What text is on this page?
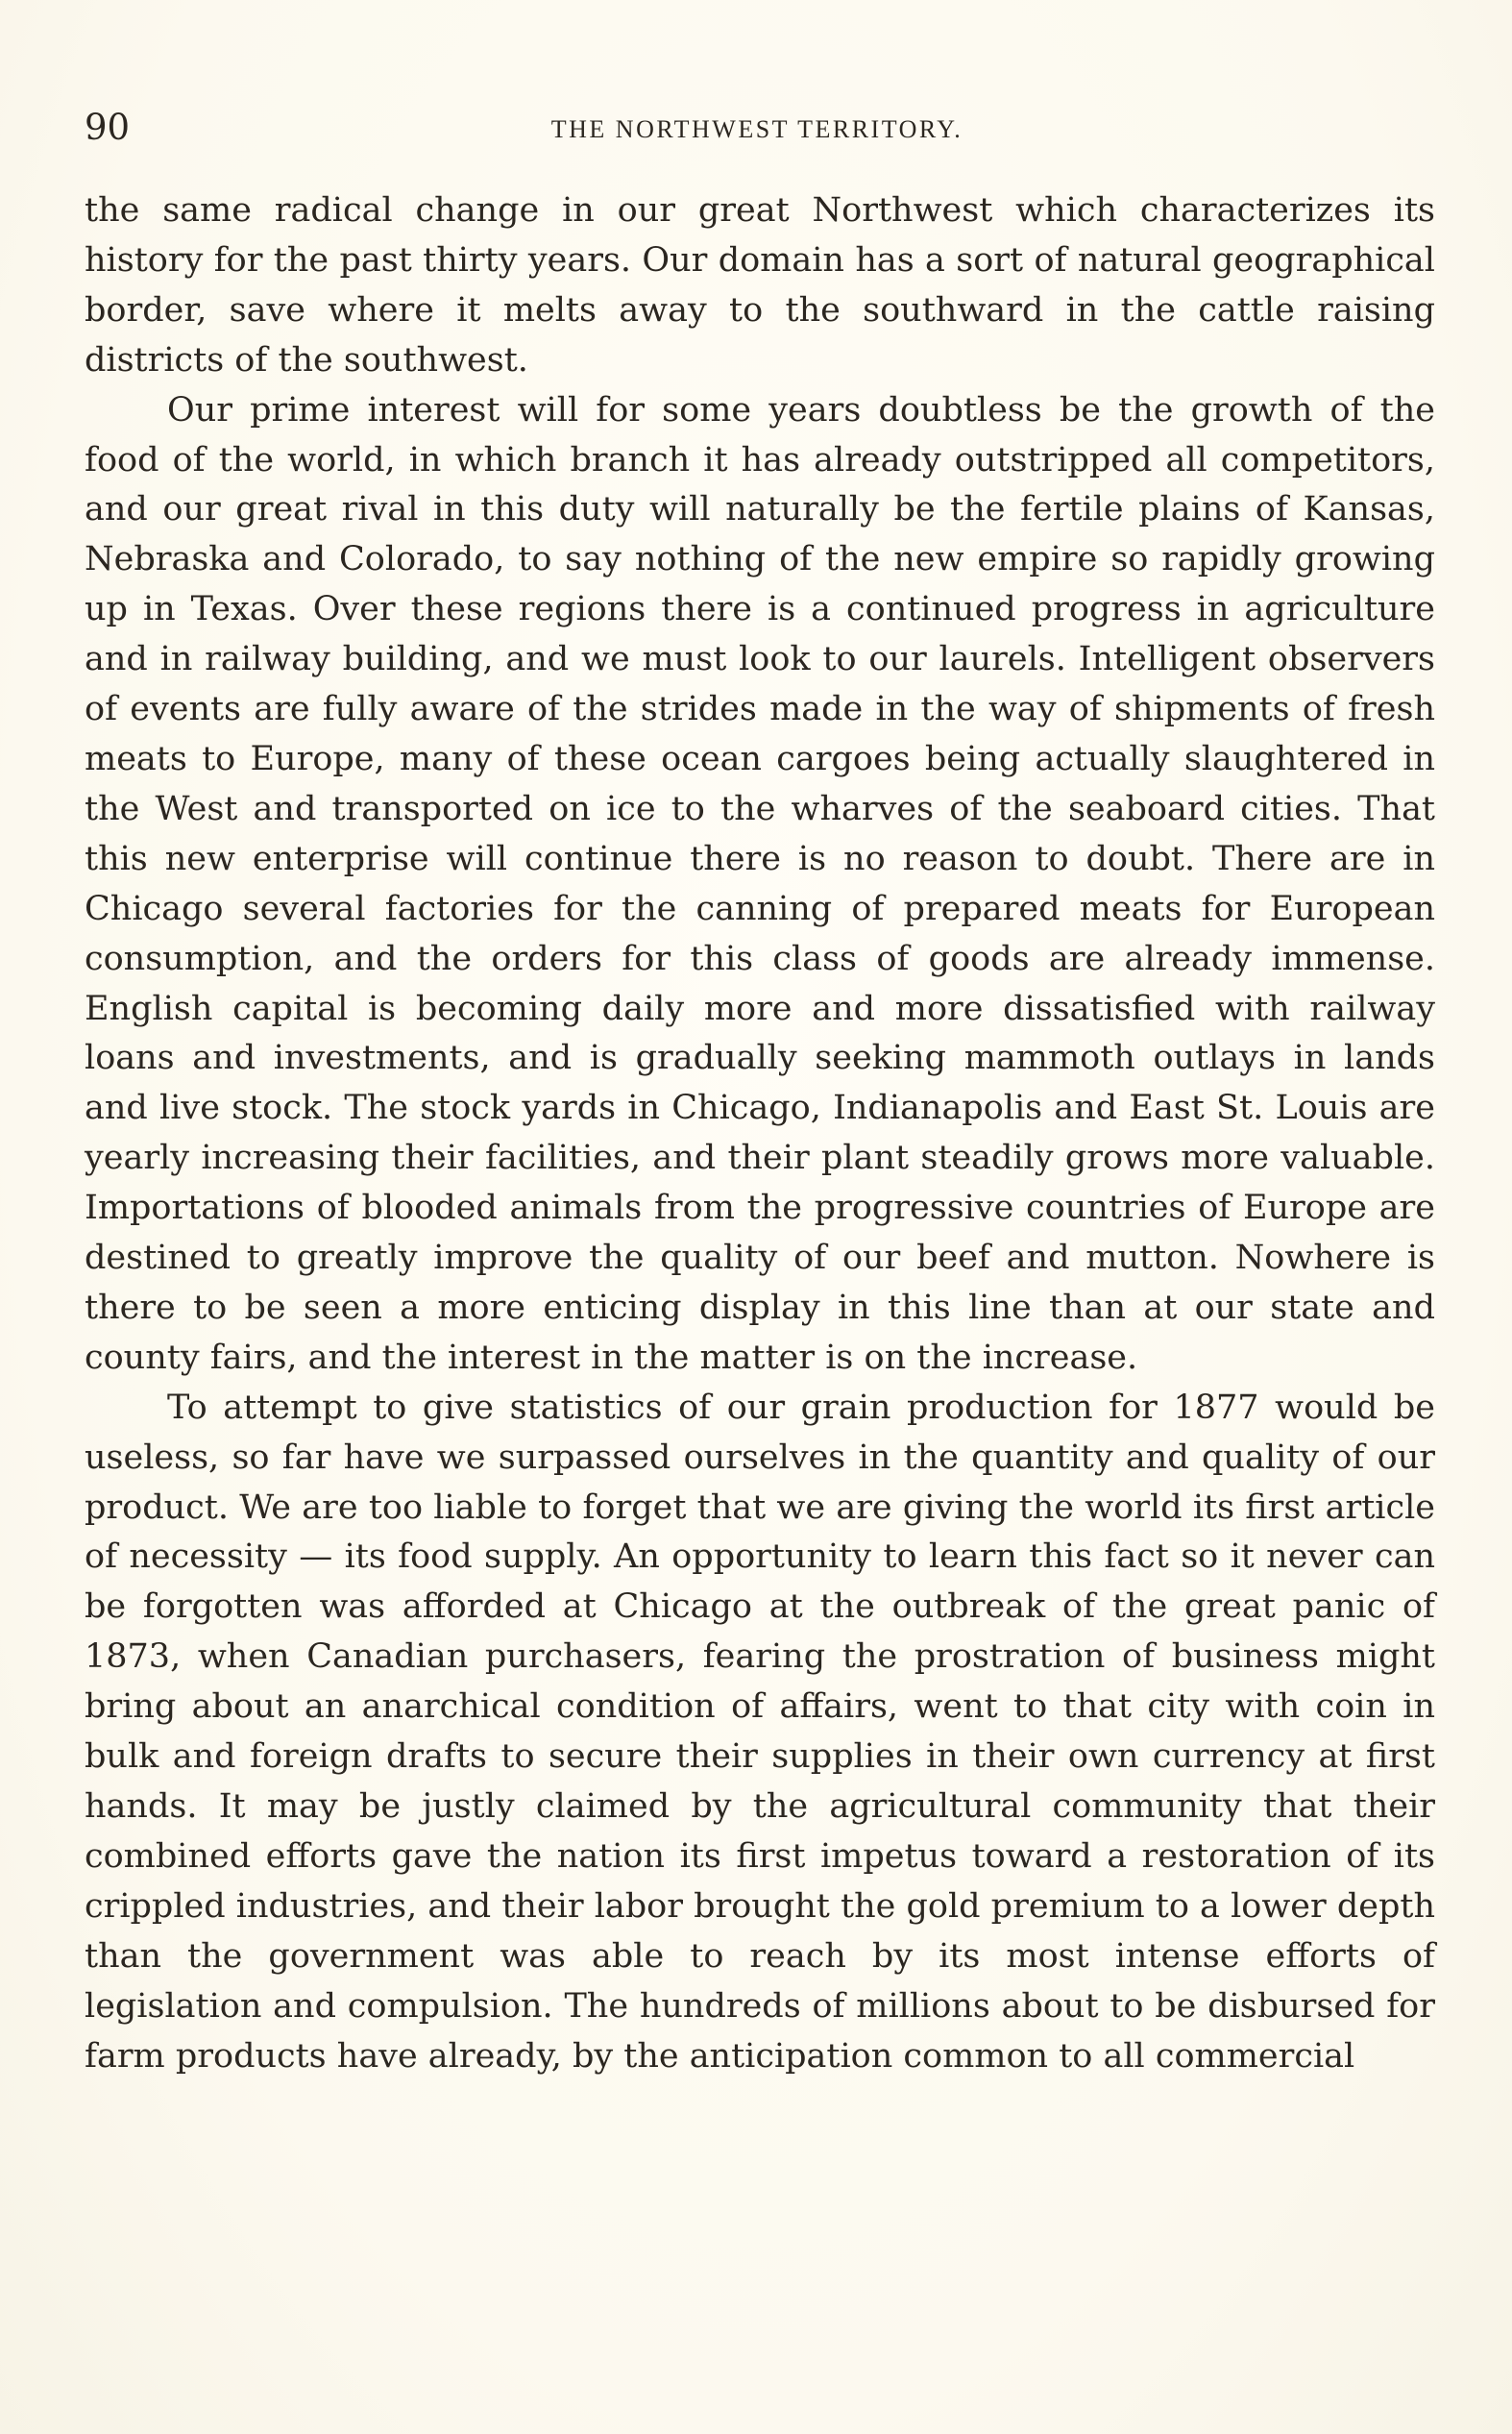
90	THE NORTHWEST TERRITORY.

the same radical change in our great Northwest which characterizes its history for the past thirty years. Our domain has a sort of natural geographical border, save where it melts away to the southward in the cattle raising districts of the southwest.

Our prime interest will for some years doubtless be the growth of the food of the world, in which branch it has already outstripped all competitors, and our great rival in this duty will naturally be the fertile plains of Kansas, Nebraska and Colorado, to say nothing of the new empire so rapidly growing up in Texas. Over these regions there is a continued progress in agriculture and in railway building, and we must look to our laurels. Intelligent observers of events are fully aware of the strides made in the way of shipments of fresh meats to Europe, many of these ocean cargoes being actually slaughtered in the West and transported on ice to the wharves of the seaboard cities. That this new enterprise will continue there is no reason to doubt. There are in Chicago several factories for the canning of prepared meats for European consumption, and the orders for this class of goods are already immense. English capital is becoming daily more and more dissatisfied with railway loans and investments, and is gradually seeking mammoth outlays in lands and live stock. The stock yards in Chicago, Indianapolis and East St. Louis are yearly increasing their facilities, and their plant steadily grows more valuable. Importations of blooded animals from the progressive countries of Europe are destined to greatly improve the quality of our beef and mutton. Nowhere is there to be seen a more enticing display in this line than at our state and county fairs, and the interest in the matter is on the increase.

To attempt to give statistics of our grain production for 1877 would be useless, so far have we surpassed ourselves in the quantity and quality of our product. We are too liable to forget that we are giving the world its first article of necessity — its food supply. An opportunity to learn this fact so it never can be forgotten was afforded at Chicago at the outbreak of the great panic of 1873, when Canadian purchasers, fearing the prostration of business might bring about an anarchical condition of affairs, went to that city with coin in bulk and foreign drafts to secure their supplies in their own currency at first hands. It may be justly claimed by the agricultural community that their combined efforts gave the nation its first impetus toward a restoration of its crippled industries, and their labor brought the gold premium to a lower depth than the government was able to reach by its most intense efforts of legislation and compulsion. The hundreds of millions about to be disbursed for farm products have already, by the anticipation common to all commercial
